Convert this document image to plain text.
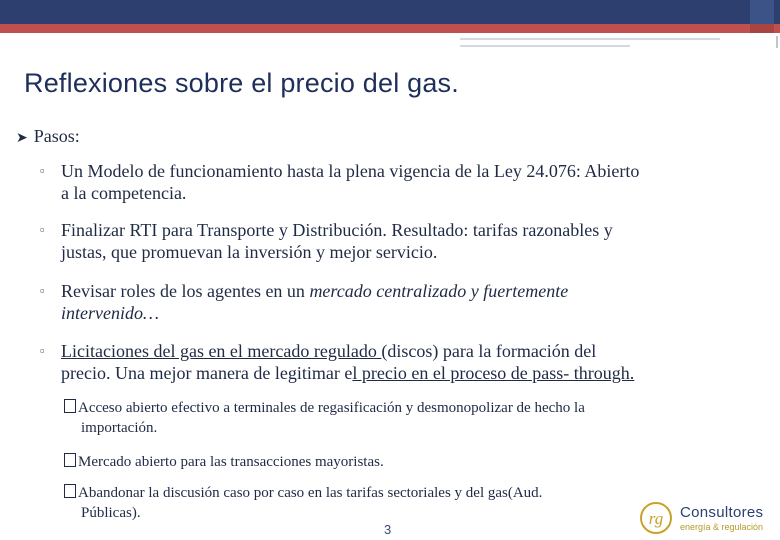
Reflexiones sobre el precio del gas.
➤ Pasos:
▫ Un Modelo de funcionamiento hasta la plena vigencia de la Ley 24.076: Abierto
a la competencia.
▫ Finalizar RTI para Transporte y Distribución. Resultado: tarifas razonables y
justas, que promuevan la inversión y mejor servicio.
▫ Revisar roles de los agentes en un mercado centralizado y fuertemente
intervenido…
▫ Licitaciones del gas en el mercado regulado (discos) para la formación del
precio. Una mejor manera de legitimar el precio en el proceso de pass- through.
Acceso abierto efectivo a terminales de regasificación y desmonopolizar de hecho la
importación.
Mercado abierto para las transacciones mayoristas.
Abandonar la discusión caso por caso en las tarifas sectoriales y del gas(Aud.
Públicas).
3
rg Consultores
energía & regulación
